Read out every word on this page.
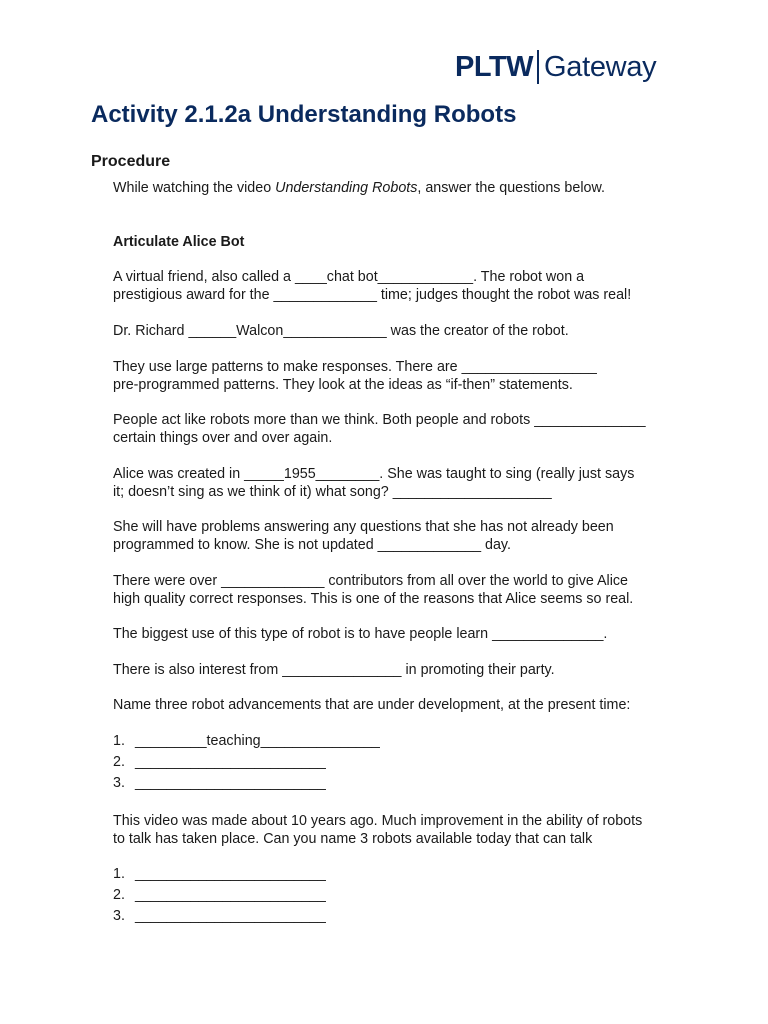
PLTW Gateway
Activity 2.1.2a Understanding Robots
Procedure
While watching the video Understanding Robots, answer the questions below.
Articulate Alice Bot
A virtual friend, also called a ____chat bot____________. The robot won a
prestigious award for the _____________ time; judges thought the robot was real!
Dr. Richard ______Walcon_____________ was the creator of the robot.
They use large patterns to make responses. There are _________________
pre-programmed patterns. They look at the ideas as “if-then” statements.
People act like robots more than we think. Both people and robots ______________
certain things over and over again.
Alice was created in _____1955________. She was taught to sing (really just says
it; doesn’t sing as we think of it) what song? ____________________
She will have problems answering any questions that she has not already been
programmed to know. She is not updated _____________ day.
There were over _____________ contributors from all over the world to give Alice
high quality correct responses. This is one of the reasons that Alice seems so real.
The biggest use of this type of robot is to have people learn ______________.
There is also interest from _______________ in promoting their party.
Name three robot advancements that are under development, at the present time:
1. _________teaching_______________
2. ________________________
3. ________________________
This video was made about 10 years ago. Much improvement in the ability of robots
to talk has taken place. Can you name 3 robots available today that can talk
1. ________________________
2. ________________________
3. ________________________
